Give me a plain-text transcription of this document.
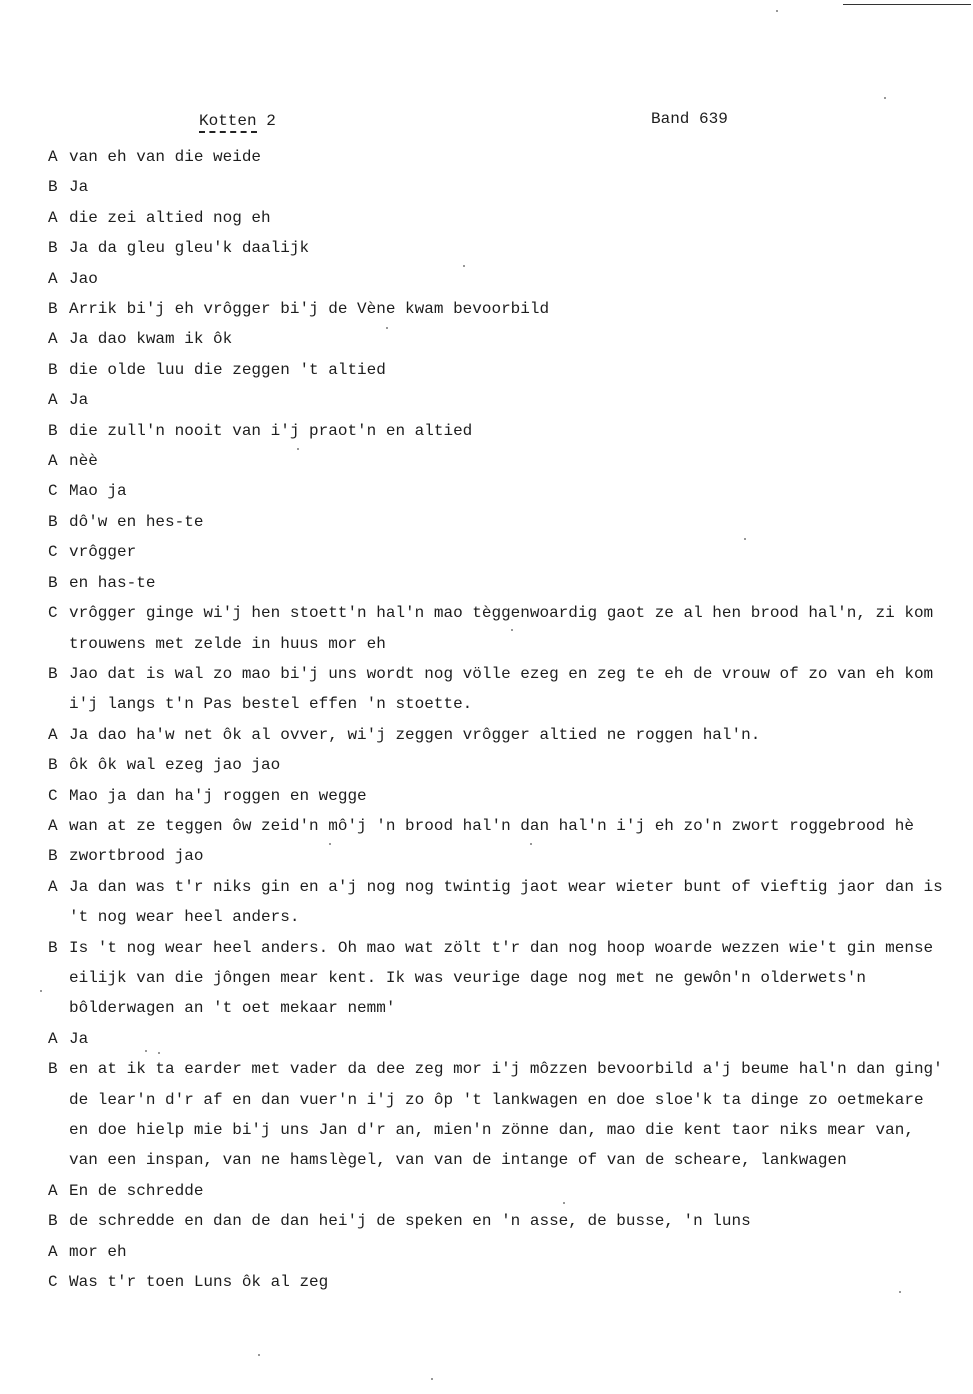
Kotten 2	Band 639
A van eh van die weide
B Ja
A die zei altied nog eh
B Ja da gleu gleu'k daalijk
A Jao
B Arrik bi'j eh vrôgger bi'j de Vène kwam bevoorbild
A Ja dao kwam ik ôk
B die olde luu die zeggen 't altied
A Ja
B die zull'n nooit van i'j praot'n en altied
A nèè
C Mao ja
B dô'w en hes-te
C vrôgger
B en has-te
C vrôgger ginge wi'j hen stoett'n hal'n mao tèggenwoardig gaot ze al hen brood hal'n, zi kom trouwens met zelde in huus mor eh
B Jao dat is wal zo mao bi'j uns wordt nog völle ezeg en zeg te eh de vrouw of zo van eh kom i'j langs t'n Pas bestel effen 'n stoette.
A Ja dao ha'w net ôk al ovver, wi'j zeggen vrôgger altied ne roggen hal'n.
B ôk ôk wal ezeg jao jao
C Mao ja dan ha'j roggen en wegge
A wan at ze teggen ôw zeid'n mô'j 'n brood hal'n dan hal'n i'j eh zo'n zwort roggebrood hè
B zwortbrood jao
A Ja dan was t'r niks gin en a'j nog nog twintig jaot wear wieter bunt of vieftig jaor dan is 't nog wear heel anders.
B Is 't nog wear heel anders. Oh mao wat zölt t'r dan nog hoop woarde wezzen wie't gin mense eilijk van die jôngen mear kent. Ik was veurige dage nog met ne gewôn'n olderwets'n bôlderwagen an 't oet mekaar nemm'
A Ja
B en at ik ta earder met vader da dee zeg mor i'j môzzen bevoorbild a'j beume hal'n dan ging' de lear'n d'r af en dan vuer'n i'j zo ôp 't lankwagen en doe sloe'k ta dinge zo oetmekare en doe hielp mie bi'j uns Jan d'r an, mien'n zönne dan, mao die kent taor niks mear van, van een inspan, van ne hamslègel, van van de intange of van de scheare, lankwagen
A En de schredde
B de schredde en dan de dan hei'j de speken en 'n asse, de busse, 'n luns
A mor eh
C Was t'r toen Luns ôk al zeg
